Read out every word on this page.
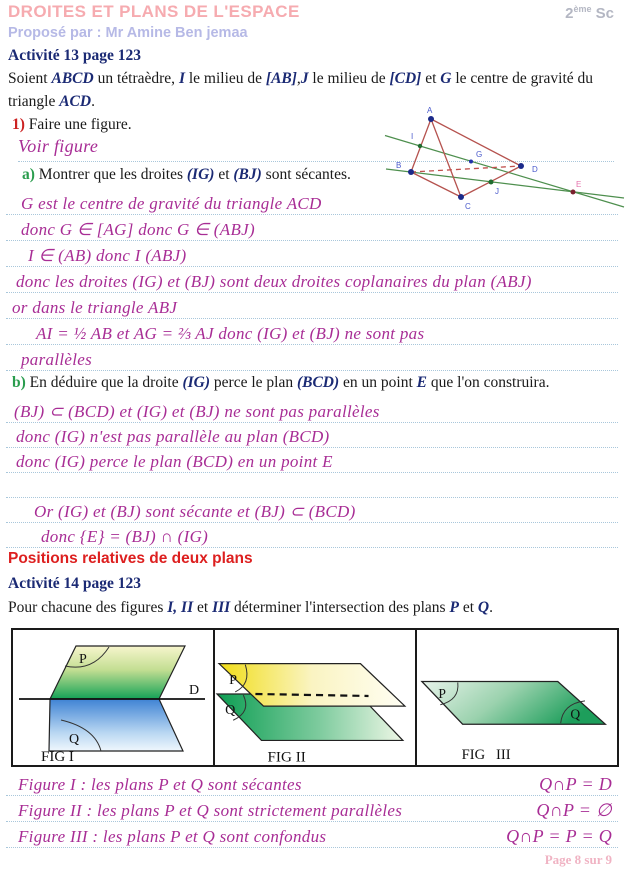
DROITES ET PLANS DE L'ESPACE	2ème Sc
Proposé par : Mr Amine Ben jemaa
Activité 13 page 123
Soient ABCD un tétraèdre, I le milieu de [AB],J le milieu de [CD] et G le centre de gravité du
triangle ACD.
1) Faire une figure.
Voir figure
A
B
C
D
G
I
J
E
a) Montrer que les droites (IG) et (BJ) sont sécantes.
G est le centre de gravité du triangle ACD
donc G ∈ [AG] donc G ∈ (ABJ)
I ∈ (AB) donc I (ABJ)
donc les droites (IG) et (BJ) sont deux droites coplanaires du plan (ABJ)
or dans le triangle ABJ
AI = ½ AB et AG = ⅔ AJ donc (IG) et (BJ) ne sont pas
parallèles
b) En déduire que la droite (IG) perce le plan (BCD) en un point E que l'on construira.
(BJ) ⊂ (BCD) et (IG) et (BJ) ne sont pas parallèles
donc (IG) n'est pas parallèle au plan (BCD)
donc (IG) perce le plan (BCD) en un point E
Or (IG) et (BJ) sont sécante et (BJ) ⊂ (BCD)
donc {E} = (BJ) ∩ (IG)
Positions relatives de deux plans
Activité 14 page 123
Pour chacune des figures I, II et III déterminer l'intersection des plans P et Q.
P
D
Q
FIG I
P
Q
FIG II
P
Q
FIG   III
Figure I : les plans P et Q sont sécantes	Q∩P = D
Figure II : les plans P et Q sont strictement parallèles	Q∩P = ∅
Figure III : les plans P et Q sont confondus	Q∩P = P = Q
Page 8 sur 9
